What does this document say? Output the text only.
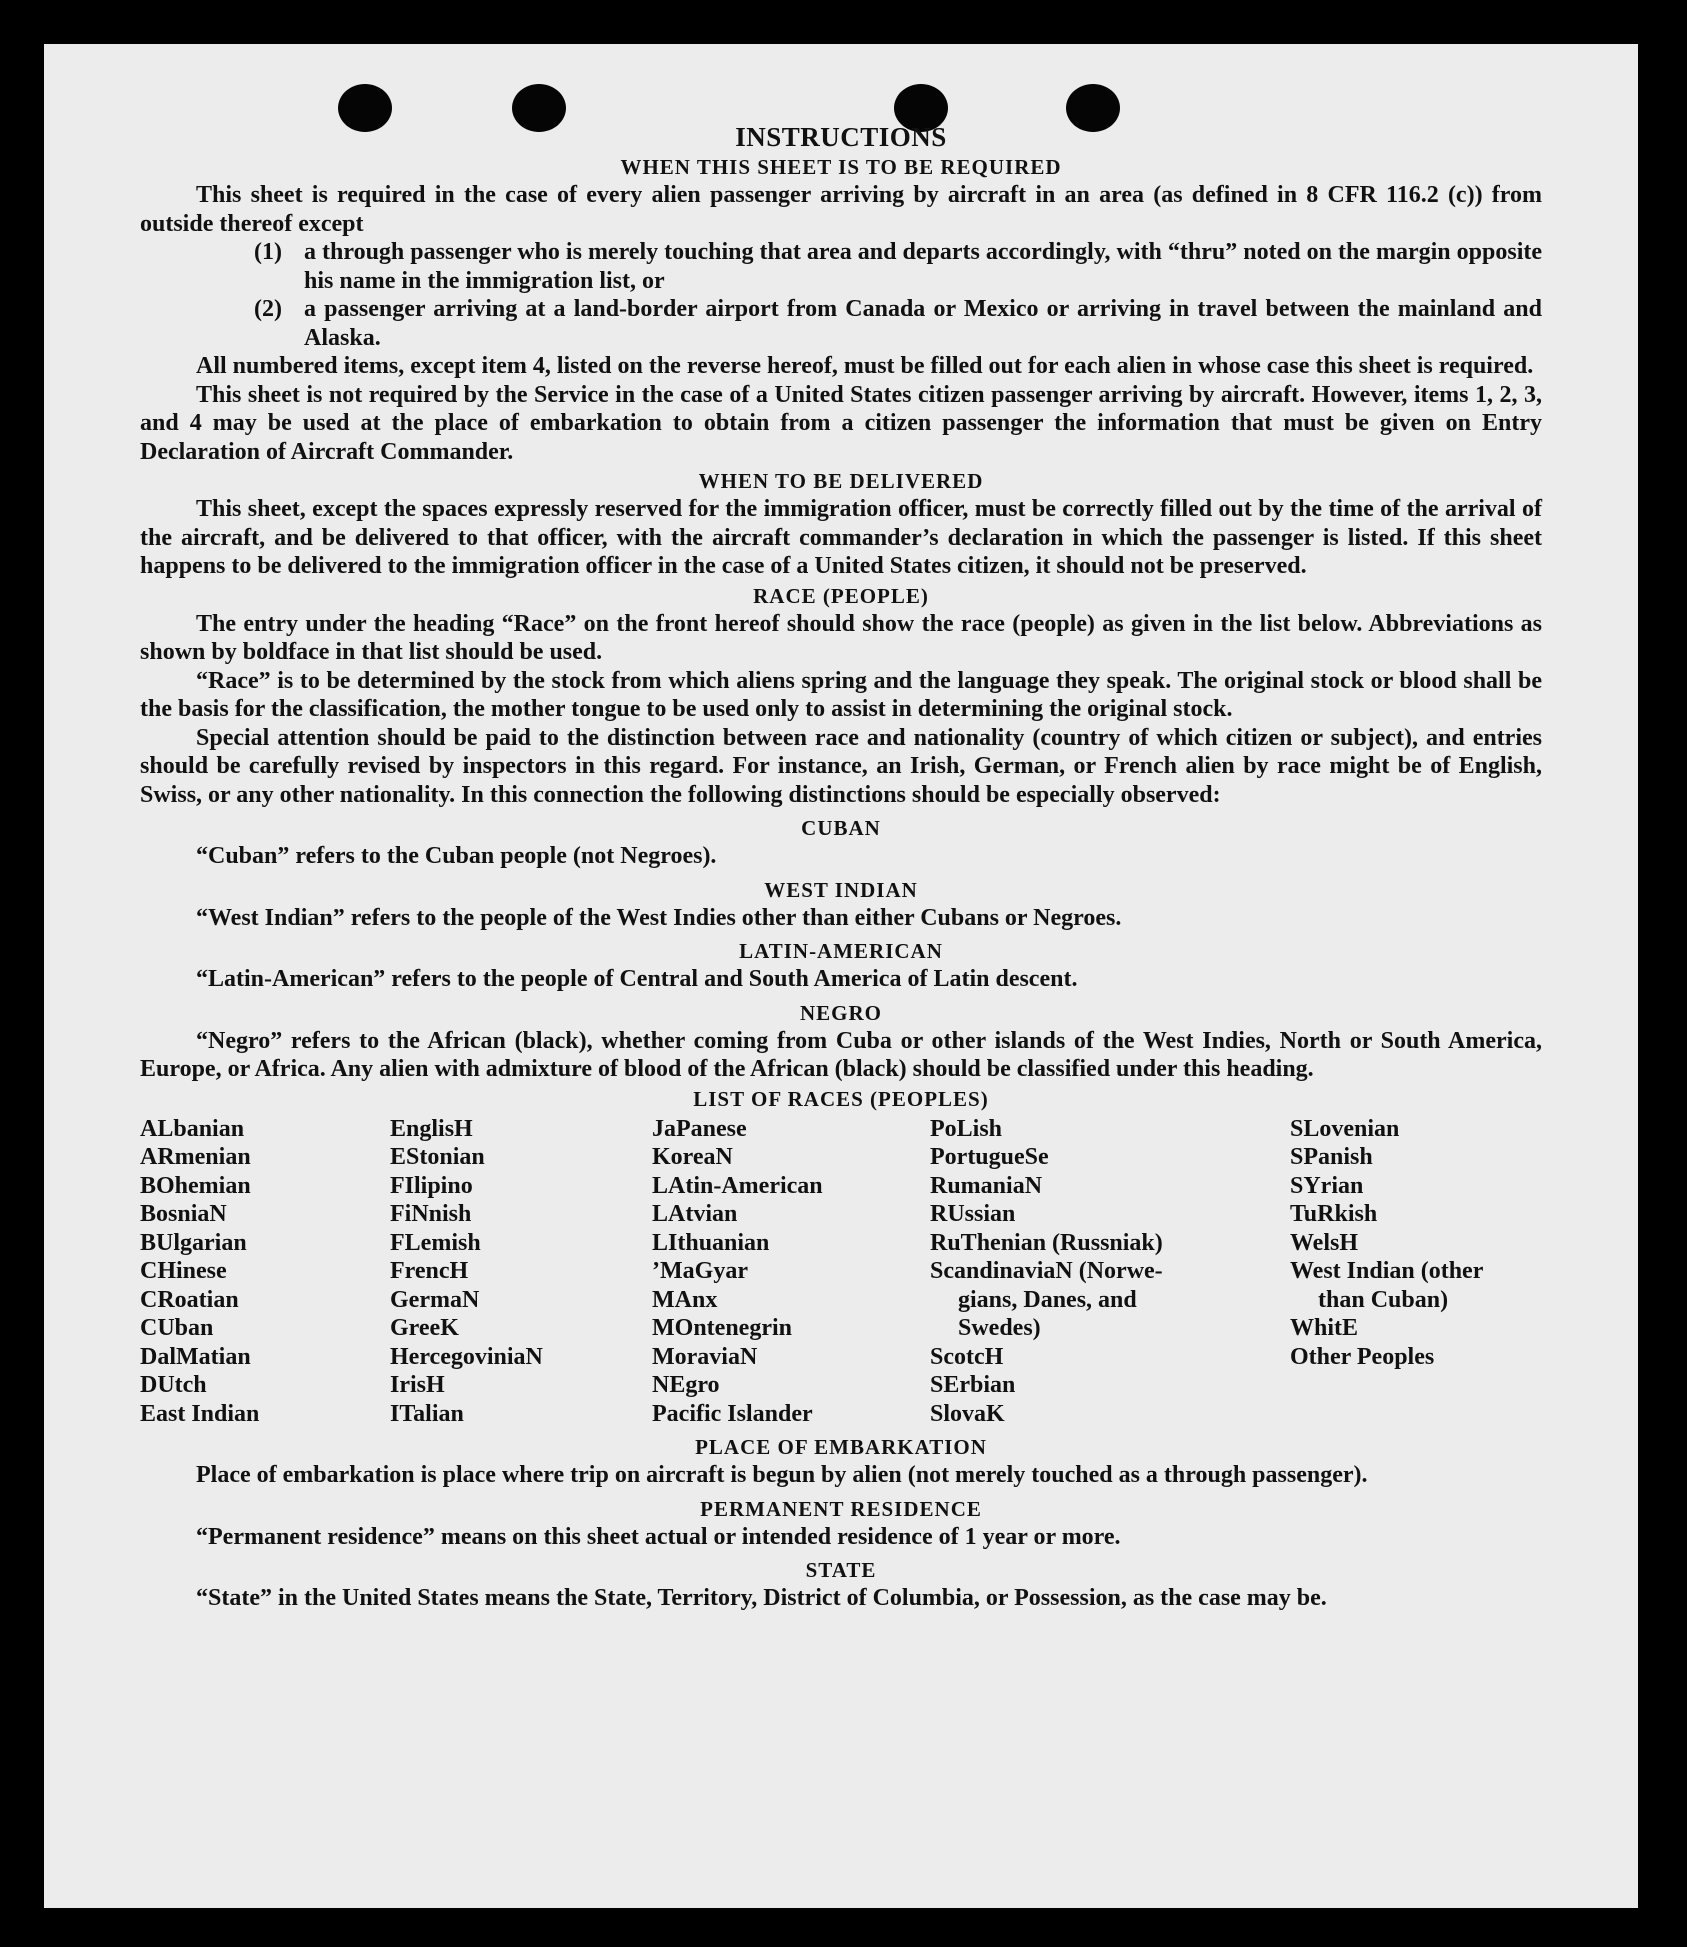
INSTRUCTIONS
WHEN THIS SHEET IS TO BE REQUIRED

This sheet is required in the case of every alien passenger arriving by aircraft in an area (as defined in 8 CFR 116.2 (c)) from outside thereof except

(1) a through passenger who is merely touching that area and departs accordingly, with “thru” noted on the margin opposite his name in the immigration list, or
(2) a passenger arriving at a land-border airport from Canada or Mexico or arriving in travel between the mainland and Alaska.

All numbered items, except item 4, listed on the reverse hereof, must be filled out for each alien in whose case this sheet is required.

This sheet is not required by the Service in the case of a United States citizen passenger arriving by aircraft. However, items 1, 2, 3, and 4 may be used at the place of embarkation to obtain from a citizen passenger the information that must be given on Entry Declaration of Aircraft Commander.

WHEN TO BE DELIVERED

This sheet, except the spaces expressly reserved for the immigration officer, must be correctly filled out by the time of the arrival of the aircraft, and be delivered to that officer, with the aircraft commander’s declaration in which the passenger is listed. If this sheet happens to be delivered to the immigration officer in the case of a United States citizen, it should not be preserved.

RACE (PEOPLE)

The entry under the heading “Race” on the front hereof should show the race (people) as given in the list below. Abbreviations as shown by boldface in that list should be used.

“Race” is to be determined by the stock from which aliens spring and the language they speak. The original stock or blood shall be the basis for the classification, the mother tongue to be used only to assist in determining the original stock.

Special attention should be paid to the distinction between race and nationality (country of which citizen or subject), and entries should be carefully revised by inspectors in this regard. For instance, an Irish, German, or French alien by race might be of English, Swiss, or any other nationality. In this connection the following distinctions should be especially observed:

CUBAN

“Cuban” refers to the Cuban people (not Negroes).

WEST INDIAN

“West Indian” refers to the people of the West Indies other than either Cubans or Negroes.

LATIN-AMERICAN

“Latin-American” refers to the people of Central and South America of Latin descent.

NEGRO

“Negro” refers to the African (black), whether coming from Cuba or other islands of the West Indies, North or South America, Europe, or Africa. Any alien with admixture of blood of the African (black) should be classified under this heading.

LIST OF RACES (PEOPLES)
ALbanian
ARmenian
BOhemian
BosniaN
BUlgarian
CHinese
CRoatian
CUban
DalMatian
DUtch
East Indian
EnglisH
EStonian
FIlipino
FiNnish
FLemish
FrencH
GermaN
GreeK
HercegoviniaN
IrisH
ITalian
JaPanese
KoreaN
LAtin-American
LAtvian
LIthuanian
’MaGyar
MAnx
MOntenegrin
MoraviaN
NEgro
Pacific Islander
PoLish
PortugueSe
RumaniaN
RUssian
RuThenian (Russniak)
ScandinaviaN (Norwe-
gians, Danes, and
Swedes)
ScotcH
SErbian
SlovaK
SLovenian
SPanish
SYrian
TuRkish
WelsH
West Indian (other
than Cuban)
WhitE
Other Peoples
PLACE OF EMBARKATION

Place of embarkation is place where trip on aircraft is begun by alien (not merely touched as a through passenger).

PERMANENT RESIDENCE

“Permanent residence” means on this sheet actual or intended residence of 1 year or more.

STATE

“State” in the United States means the State, Territory, District of Columbia, or Possession, as the case may be.
